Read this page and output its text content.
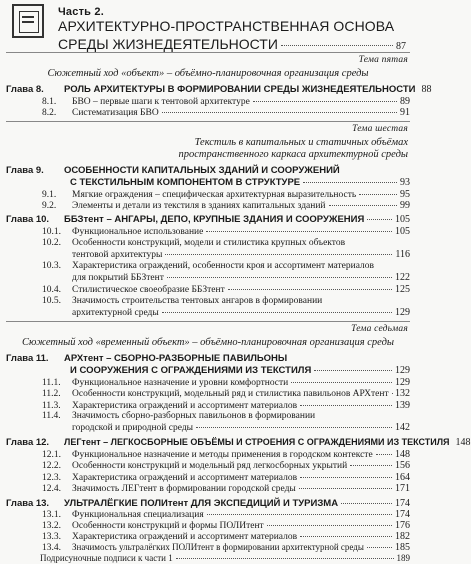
Часть 2.
АРХИТЕКТУРНО-ПРОСТРАНСТВЕННАЯ ОСНОВА
СРЕДЫ ЖИЗНЕДЕЯТЕЛЬНОСТИ	87
Тема пятая
Сюжетный ход «объект» – объёмно-планировочная организация среды
Глава 8.	РОЛЬ АРХИТЕКТУРЫ В ФОРМИРОВАНИИ СРЕДЫ ЖИЗНЕДЕЯТЕЛЬНОСТИ 88
8.1.	БВО – первые шаги к тентовой архитектуре	89
8.2.	Систематизация БВО	91
Тема шестая
Текстиль в капитальных и статичных объёмах
пространственного каркаса архитектурной среды
Глава 9.	ОСОБЕННОСТИ КАПИТАЛЬНЫХ ЗДАНИЙ И СООРУЖЕНИЙ
С ТЕКСТИЛЬНЫМ КОМПОНЕНТОМ В СТРУКТУРЕ	93
9.1.	Мягкие ограждения – специфическая архитектурная выразительность	95
9.2.	Элементы и детали из текстиля в зданиях капитальных зданий	99
Глава 10.	ББЗтент – АНГАРЫ, ДЕПО, КРУПНЫЕ ЗДАНИЯ И СООРУЖЕНИЯ	105
10.1.	Функциональное использование	105
10.2.	Особенности конструкций, модели и стилистика крупных объектов
тентовой архитектуры	116
10.3.	Характеристика ограждений, особенности кроя и ассортимент материалов
для покрытий ББЗтент	122
10.4.	Стилистическое своеобразие ББЗтент	125
10.5.	Значимость строительства тентовых ангаров в формировании
архитектурной среды	129
Тема седьмая
Сюжетный ход «временный объект» – объёмно-планировочная организация среды
Глава 11.	АРХтент – СБОРНО-РАЗБОРНЫЕ ПАВИЛЬОНЫ
И СООРУЖЕНИЯ С ОГРАЖДЕНИЯМИ ИЗ ТЕКСТИЛЯ	129
11.1.	Функциональное назначение и уровни комфортности	129
11.2.	Особенности конструкций, модельный ряд и стилистика павильонов АРХтент 132
11.3.	Характеристика ограждений и ассортимент материалов	139
11.4.	Значимость сборно-разборных павильонов в формировании
городской и природной среды	142
Глава 12.	ЛЕГтент – ЛЕГКОСБОРНЫЕ ОБЪЁМЫ И СТРОЕНИЯ С ОГРАЖДЕНИЯМИ ИЗ ТЕКСТИЛЯ 148
12.1.	Функциональное назначение и методы применения в городском контексте 148
12.2.	Особенности конструкций и модельный ряд легкосборных укрытий	156
12.3.	Характеристика ограждений и ассортимент материалов	164
12.4.	Значимость ЛЕГтент в формировании городской среды	171
Глава 13.	УЛЬТРАЛЁГКИЕ ПОЛИтент ДЛЯ ЭКСПЕДИЦИЙ И ТУРИЗМА	174
13.1.	Функциональная специализация	174
13.2.	Особенности конструкций и формы ПОЛИтент	176
13.3.	Характеристика ограждений и ассортимент материалов	182
13.4.	Значимость ультралёгких ПОЛИтент в формировании архитектурной среды	185
Подрисуночные подписи к части 1	189
